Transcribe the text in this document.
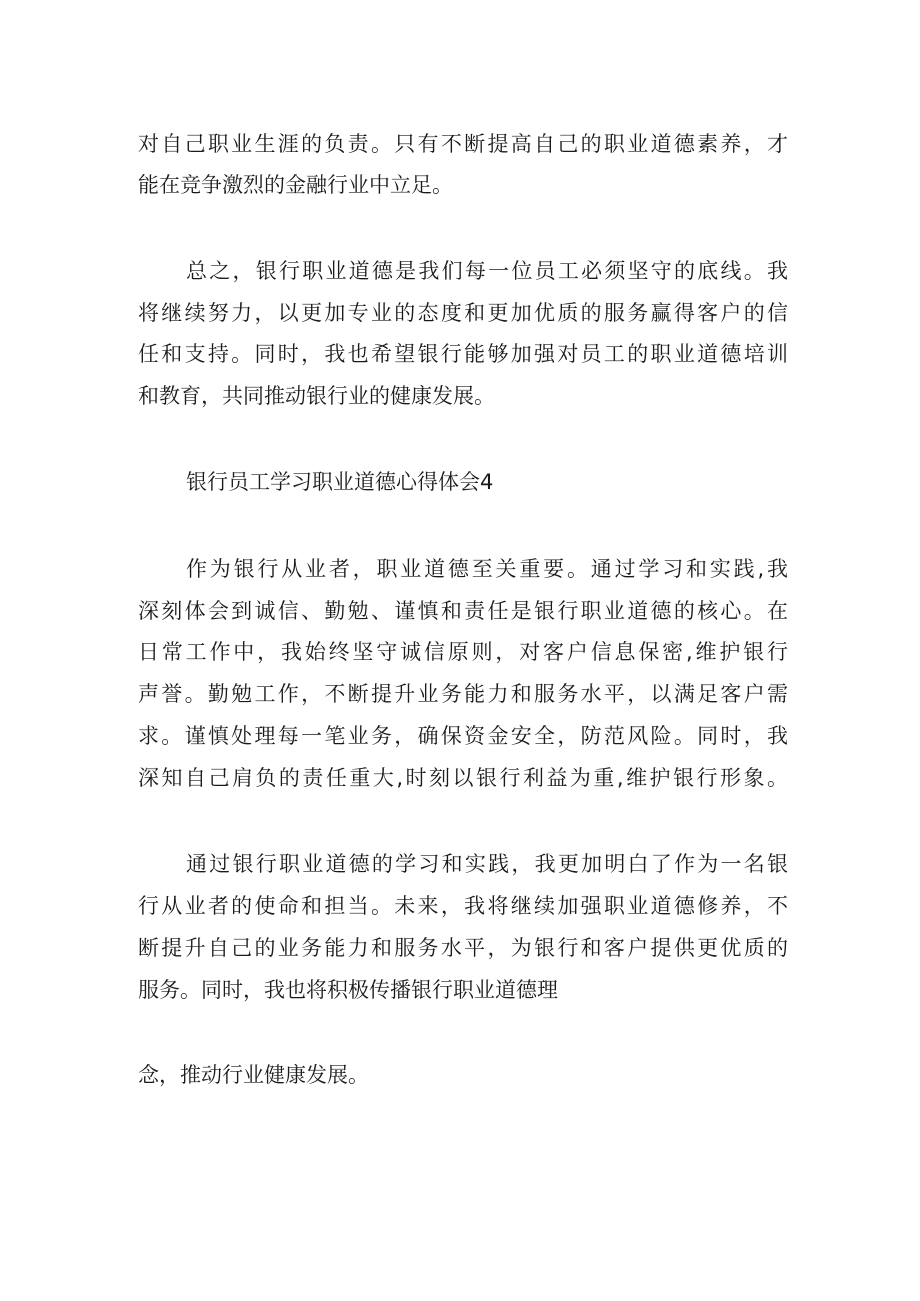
对自己职业生涯的负责。只有不断提高自己的职业道德素养，才
能在竞争激烈的金融行业中立足。
总之，银行职业道德是我们每一位员工必须坚守的底线。我
将继续努力，以更加专业的态度和更加优质的服务赢得客户的信
任和支持。同时，我也希望银行能够加强对员工的职业道德培训
和教育，共同推动银行业的健康发展。
银行员工学习职业道德心得体会4
作为银行从业者，职业道德至关重要。通过学习和实践,我
深刻体会到诚信、勤勉、谨慎和责任是银行职业道德的核心。在
日常工作中，我始终坚守诚信原则，对客户信息保密,维护银行
声誉。勤勉工作，不断提升业务能力和服务水平，以满足客户需
求。谨慎处理每一笔业务，确保资金安全，防范风险。同时，我
深知自己肩负的责任重大,时刻以银行利益为重,维护银行形象。
通过银行职业道德的学习和实践，我更加明白了作为一名银
行从业者的使命和担当。未来，我将继续加强职业道德修养，不
断提升自己的业务能力和服务水平，为银行和客户提供更优质的
服务。同时，我也将积极传播银行职业道德理
念，推动行业健康发展。
